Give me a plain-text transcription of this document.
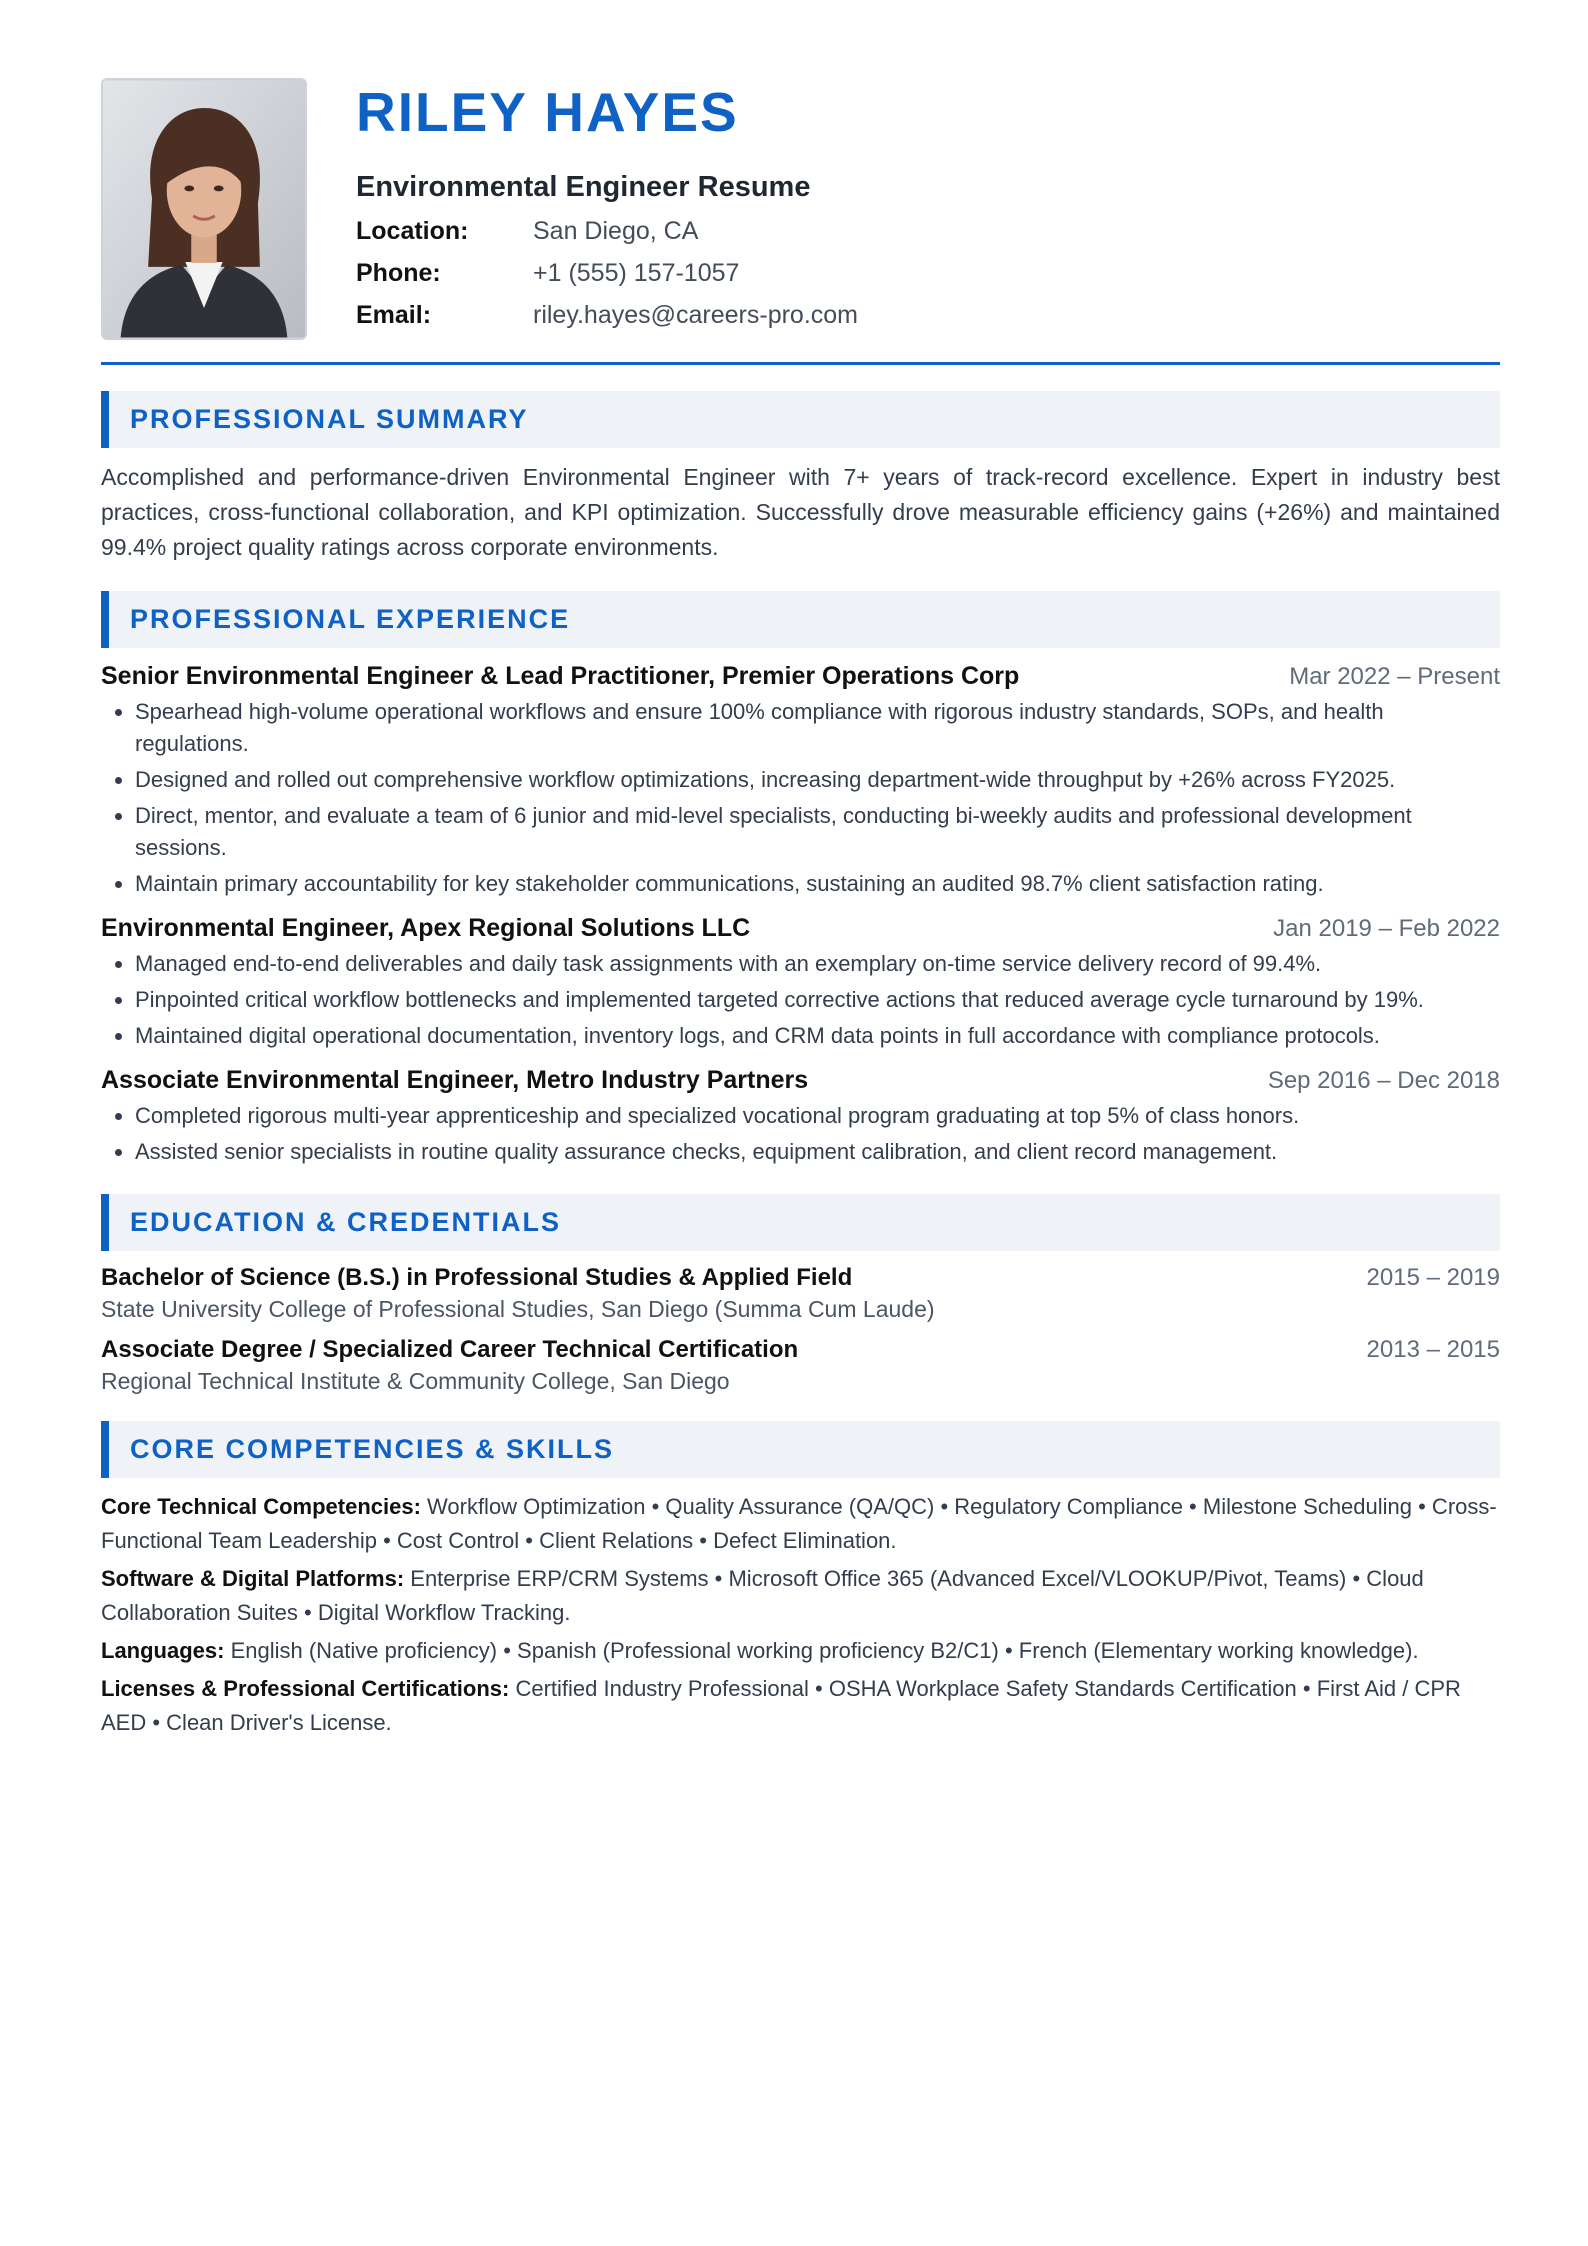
RILEY HAYES
Environmental Engineer Resume
Location:	San Diego, CA
Phone:	+1 (555) 157-1057
Email:	riley.hayes@careers-pro.com
PROFESSIONAL SUMMARY

Accomplished and performance-driven Environmental Engineer with 7+ years of track-record excellence. Expert in industry best practices, cross-functional collaboration, and KPI optimization. Successfully drove measurable efficiency gains (+26%) and maintained 99.4% project quality ratings across corporate environments.

PROFESSIONAL EXPERIENCE
Senior Environmental Engineer & Lead Practitioner, Premier Operations Corp	Mar 2022 – Present
• Spearhead high-volume operational workflows and ensure 100% compliance with rigorous industry standards, SOPs, and health regulations.
• Designed and rolled out comprehensive workflow optimizations, increasing department-wide throughput by +26% across FY2025.
• Direct, mentor, and evaluate a team of 6 junior and mid-level specialists, conducting bi-weekly audits and professional development sessions.
• Maintain primary accountability for key stakeholder communications, sustaining an audited 98.7% client satisfaction rating.
Environmental Engineer, Apex Regional Solutions LLC	Jan 2019 – Feb 2022
• Managed end-to-end deliverables and daily task assignments with an exemplary on-time service delivery record of 99.4%.
• Pinpointed critical workflow bottlenecks and implemented targeted corrective actions that reduced average cycle turnaround by 19%.
• Maintained digital operational documentation, inventory logs, and CRM data points in full accordance with compliance protocols.
Associate Environmental Engineer, Metro Industry Partners	Sep 2016 – Dec 2018
• Completed rigorous multi-year apprenticeship and specialized vocational program graduating at top 5% of class honors.
• Assisted senior specialists in routine quality assurance checks, equipment calibration, and client record management.
EDUCATION & CREDENTIALS
Bachelor of Science (B.S.) in Professional Studies & Applied Field	2015 – 2019
State University College of Professional Studies, San Diego (Summa Cum Laude)
Associate Degree / Specialized Career Technical Certification	2013 – 2015
Regional Technical Institute & Community College, San Diego
CORE COMPETENCIES & SKILLS
Core Technical Competencies: Workflow Optimization • Quality Assurance (QA/QC) • Regulatory Compliance • Milestone Scheduling • Cross-Functional Team Leadership • Cost Control • Client Relations • Defect Elimination.
Software & Digital Platforms: Enterprise ERP/CRM Systems • Microsoft Office 365 (Advanced Excel/VLOOKUP/Pivot, Teams) • Cloud Collaboration Suites • Digital Workflow Tracking.
Languages: English (Native proficiency) • Spanish (Professional working proficiency B2/C1) • French (Elementary working knowledge).
Licenses & Professional Certifications: Certified Industry Professional • OSHA Workplace Safety Standards Certification • First Aid / CPR AED • Clean Driver's License.
